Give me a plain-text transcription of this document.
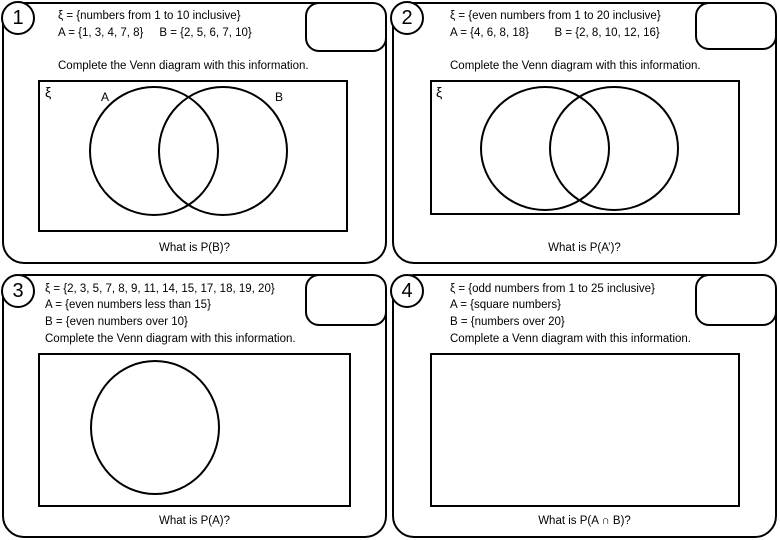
1	ξ = {numbers from 1 to 10 inclusive}
A = {1, 3, 4, 7, 8}     B = {2, 5, 6, 7, 10}
Complete the Venn diagram with this information.
ξ	A	B
What is P(B)?
2	ξ = {even numbers from 1 to 20 inclusive}
A = {4, 6, 8, 18}        B = {2, 8, 10, 12, 16}
Complete the Venn diagram with this information.
ξ
What is P(A’)?
3	ξ = {2, 3, 5, 7, 8, 9, 11, 14, 15, 17, 18, 19, 20}
A = {even numbers less than 15}
B = {even numbers over 10}
Complete the Venn diagram with this information.
What is P(A)?
4	ξ = {odd numbers from 1 to 25 inclusive}
A = {square numbers}
B = {numbers over 20}
Complete a Venn diagram with this information.
What is P(A ∩ B)?
